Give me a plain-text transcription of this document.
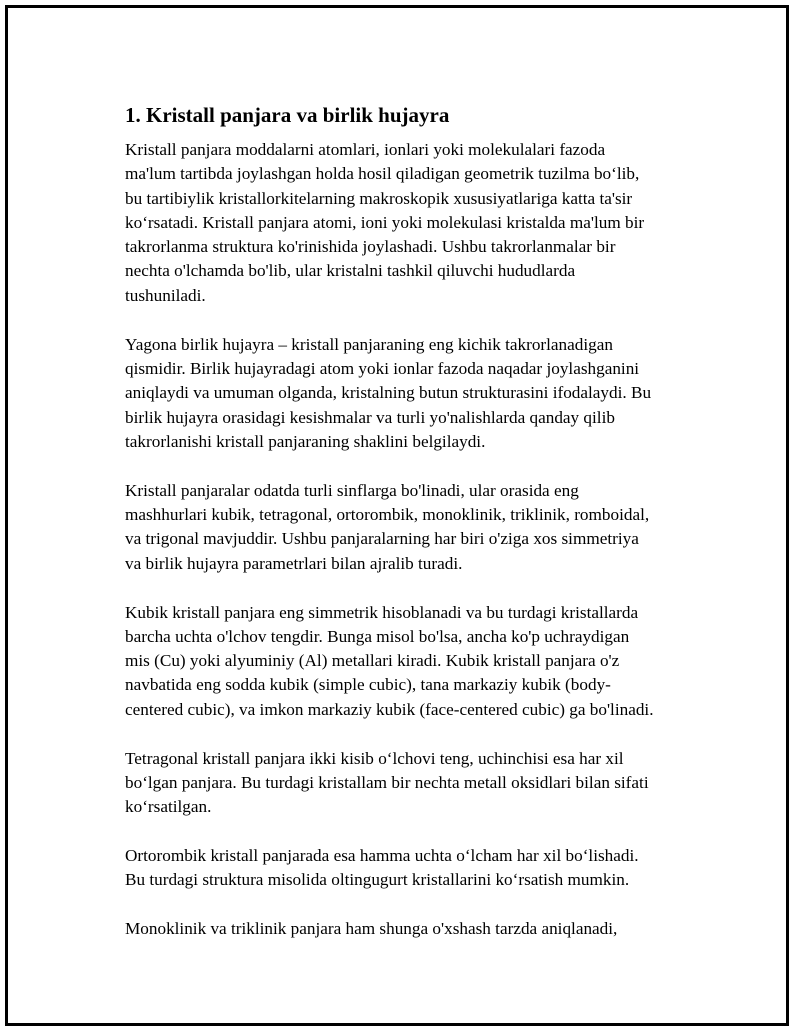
1. Kristall panjara va birlik hujayra
Kristall panjara moddalarni atomlari, ionlari yoki molekulalari fazoda
ma'lum tartibda joylashgan holda hosil qiladigan geometrik tuzilma bo‘lib,
bu tartibiylik kristallorkitelarning makroskopik xususiyatlariga katta ta'sir
ko‘rsatadi. Kristall panjara atomi, ioni yoki molekulasi kristalda ma'lum bir
takrorlanma struktura ko'rinishida joylashadi. Ushbu takrorlanmalar bir
nechta o'lchamda bo'lib, ular kristalni tashkil qiluvchi hududlarda
tushuniladi.
Yagona birlik hujayra – kristall panjaraning eng kichik takrorlanadigan
qismidir. Birlik hujayradagi atom yoki ionlar fazoda naqadar joylashganini
aniqlaydi va umuman olganda, kristalning butun strukturasini ifodalaydi. Bu
birlik hujayra orasidagi kesishmalar va turli yo'nalishlarda qanday qilib
takrorlanishi kristall panjaraning shaklini belgilaydi.
Kristall panjaralar odatda turli sinflarga bo'linadi, ular orasida eng
mashhurlari kubik, tetragonal, ortorombik, monoklinik, triklinik, romboidal,
va trigonal mavjuddir. Ushbu panjaralarning har biri o'ziga xos simmetriya
va birlik hujayra parametrlari bilan ajralib turadi.
Kubik kristall panjara eng simmetrik hisoblanadi va bu turdagi kristallarda
barcha uchta o'lchov tengdir. Bunga misol bo'lsa, ancha ko'p uchraydigan
mis (Cu) yoki alyuminiy (Al) metallari kiradi. Kubik kristall panjara o'z
navbatida eng sodda kubik (simple cubic), tana markaziy kubik (body-
centered cubic), va imkon markaziy kubik (face-centered cubic) ga bo'linadi.
Tetragonal kristall panjara ikki kisib o‘lchovi teng, uchinchisi esa har xil
bo‘lgan panjara. Bu turdagi kristallam bir nechta metall oksidlari bilan sifati
ko‘rsatilgan.
Ortorombik kristall panjarada esa hamma uchta o‘lcham har xil bo‘lishadi.
Bu turdagi struktura misolida oltingugurt kristallarini ko‘rsatish mumkin.
Monoklinik va triklinik panjara ham shunga o'xshash tarzda aniqlanadi,
